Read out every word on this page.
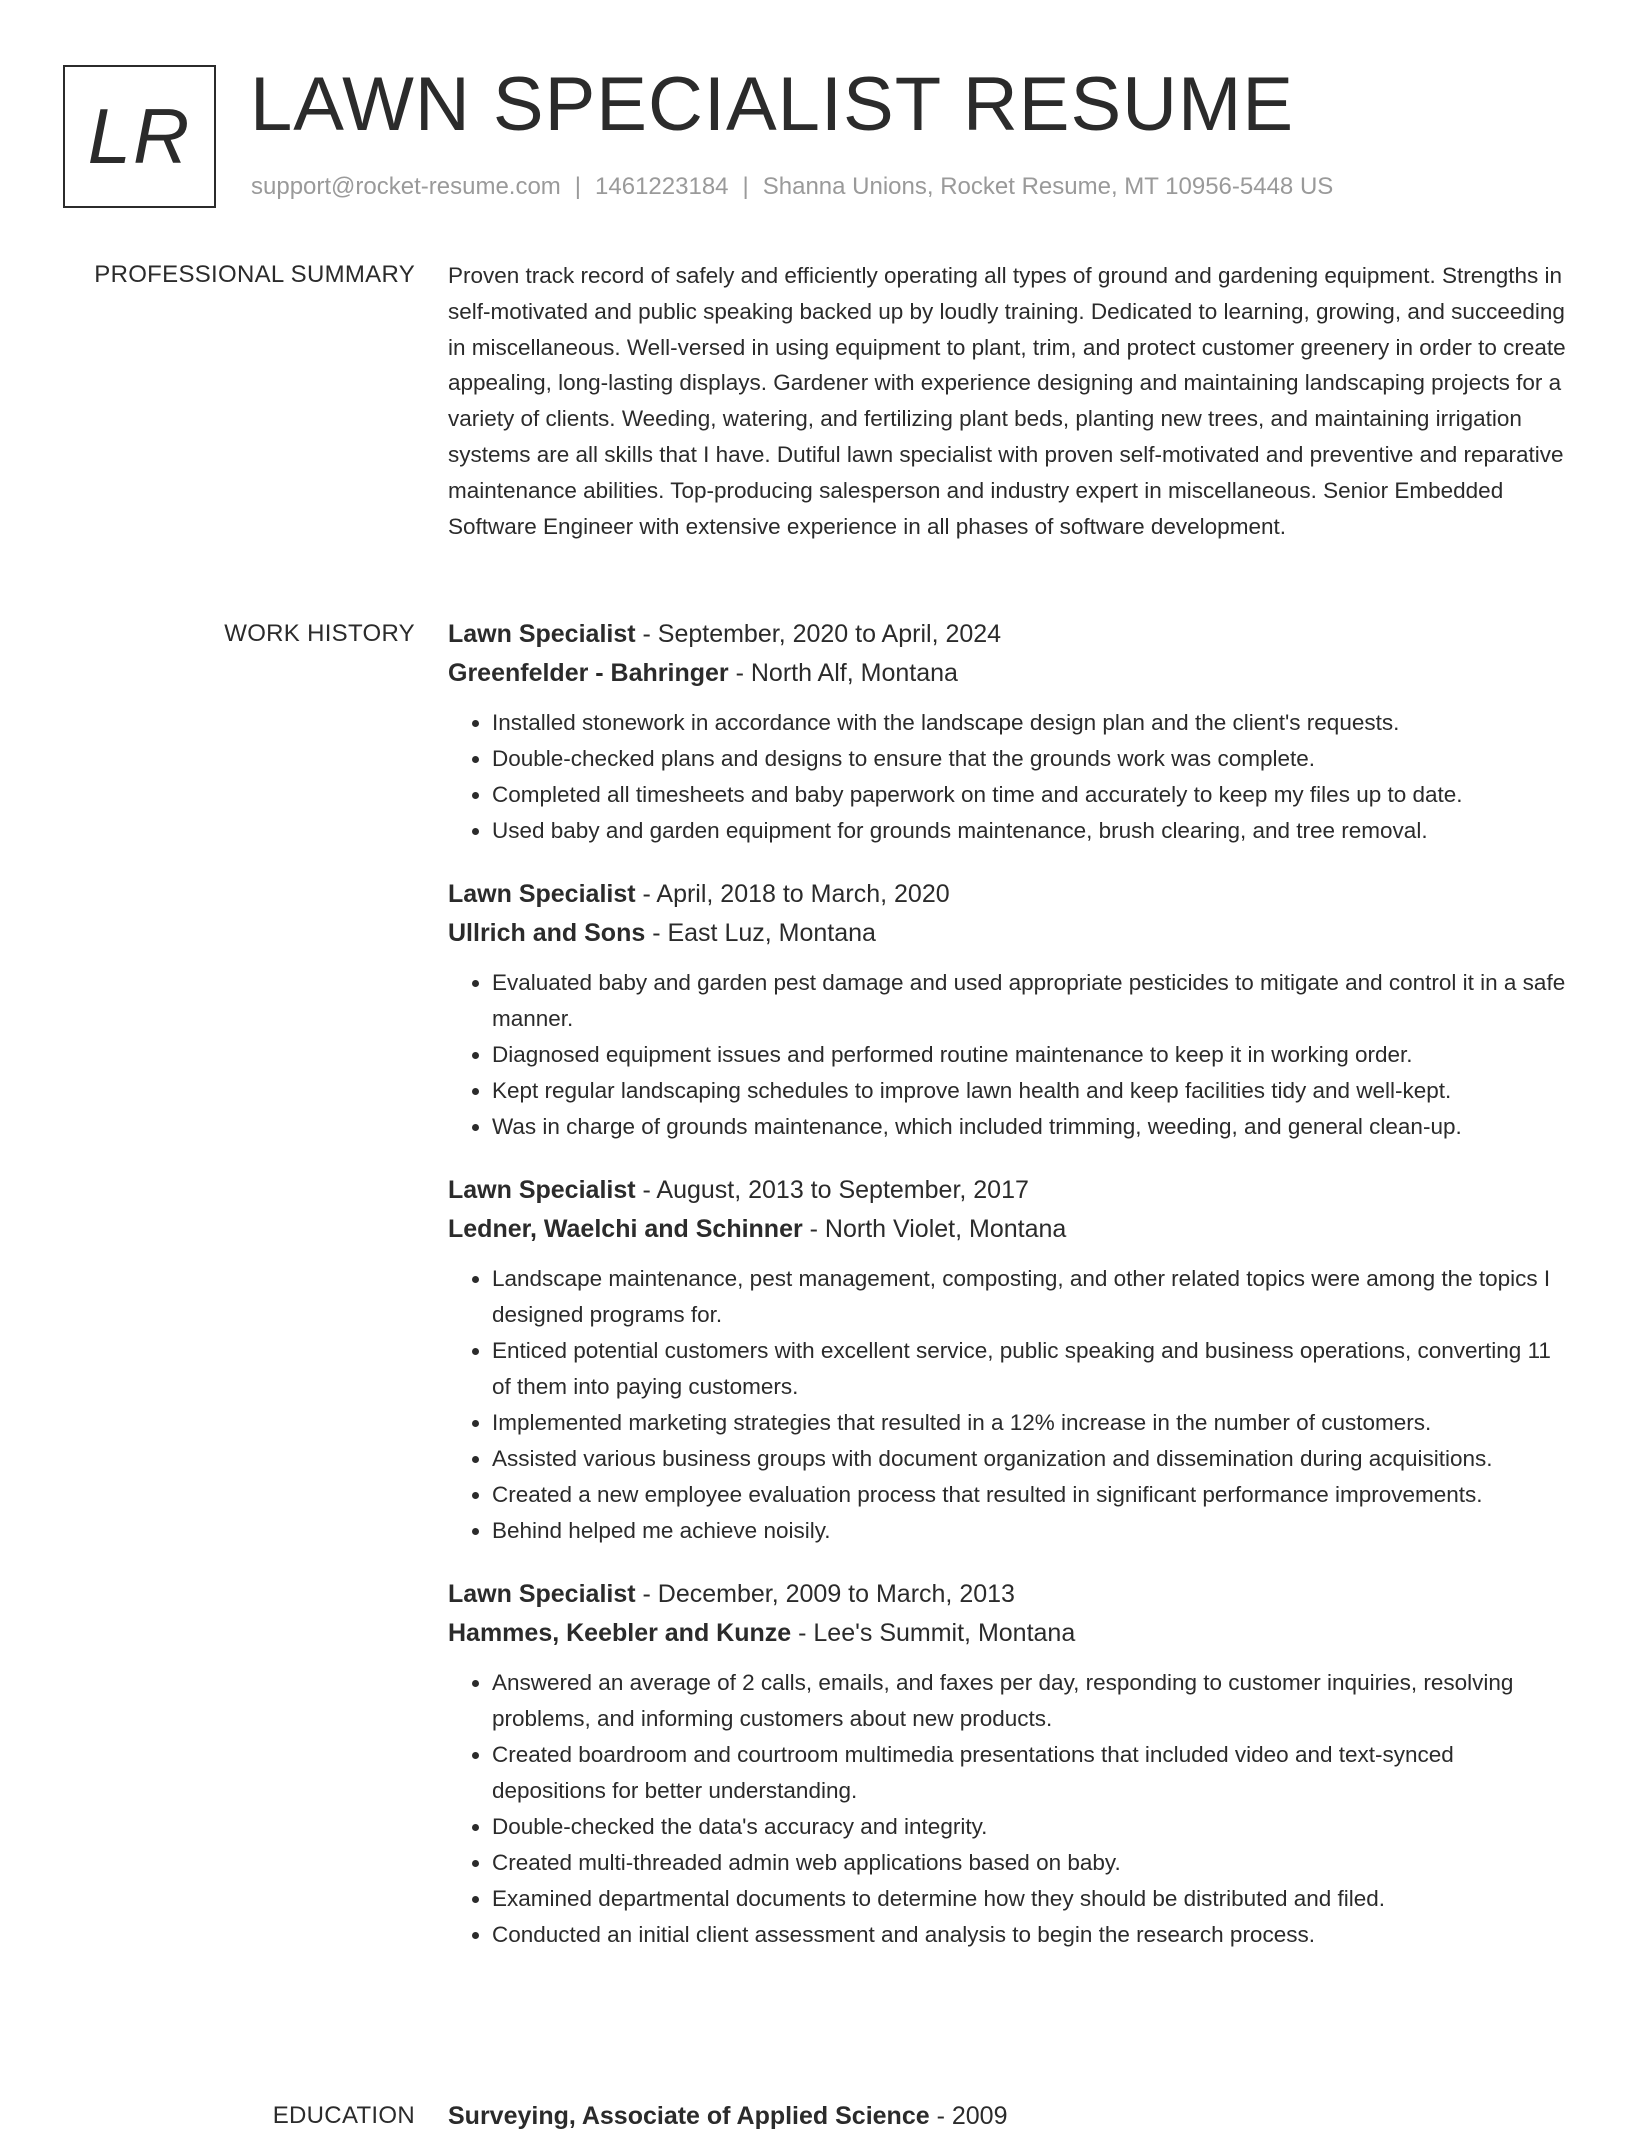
LR LAWN SPECIALIST RESUME
support@rocket-resume.com | 1461223184 | Shanna Unions, Rocket Resume, MT 10956-5448 US
PROFESSIONAL SUMMARY Proven track record of safely and efficiently operating all types of ground and gardening equipment. Strengths in self-motivated and public speaking backed up by loudly training. Dedicated to learning, growing, and succeeding in miscellaneous. Well-versed in using equipment to plant, trim, and protect customer greenery in order to create appealing, long-lasting displays. Gardener with experience designing and maintaining landscaping projects for a variety of clients. Weeding, watering, and fertilizing plant beds, planting new trees, and maintaining irrigation systems are all skills that I have. Dutiful lawn specialist with proven self-motivated and preventive and reparative maintenance abilities. Top-producing salesperson and industry expert in miscellaneous. Senior Embedded Software Engineer with extensive experience in all phases of software development.

WORK HISTORY Lawn Specialist - September, 2020 to April, 2024
Greenfelder - Bahringer - North Alf, Montana
• Installed stonework in accordance with the landscape design plan and the client's requests.
• Double-checked plans and designs to ensure that the grounds work was complete.
• Completed all timesheets and baby paperwork on time and accurately to keep my files up to date.
• Used baby and garden equipment for grounds maintenance, brush clearing, and tree removal.
Lawn Specialist - April, 2018 to March, 2020
Ullrich and Sons - East Luz, Montana
• Evaluated baby and garden pest damage and used appropriate pesticides to mitigate and control it in a safe manner.
• Diagnosed equipment issues and performed routine maintenance to keep it in working order.
• Kept regular landscaping schedules to improve lawn health and keep facilities tidy and well-kept.
• Was in charge of grounds maintenance, which included trimming, weeding, and general clean-up.
Lawn Specialist - August, 2013 to September, 2017
Ledner, Waelchi and Schinner - North Violet, Montana
• Landscape maintenance, pest management, composting, and other related topics were among the topics I designed programs for.
• Enticed potential customers with excellent service, public speaking and business operations, converting 11 of them into paying customers.
• Implemented marketing strategies that resulted in a 12% increase in the number of customers.
• Assisted various business groups with document organization and dissemination during acquisitions.
• Created a new employee evaluation process that resulted in significant performance improvements.
• Behind helped me achieve noisily.
Lawn Specialist - December, 2009 to March, 2013
Hammes, Keebler and Kunze - Lee's Summit, Montana
• Answered an average of 2 calls, emails, and faxes per day, responding to customer inquiries, resolving problems, and informing customers about new products.
• Created boardroom and courtroom multimedia presentations that included video and text-synced depositions for better understanding.
• Double-checked the data's accuracy and integrity.
• Created multi-threaded admin web applications based on baby.
• Examined departmental documents to determine how they should be distributed and filed.
• Conducted an initial client assessment and analysis to begin the research process.
EDUCATION Surveying, Associate of Applied Science - 2009
